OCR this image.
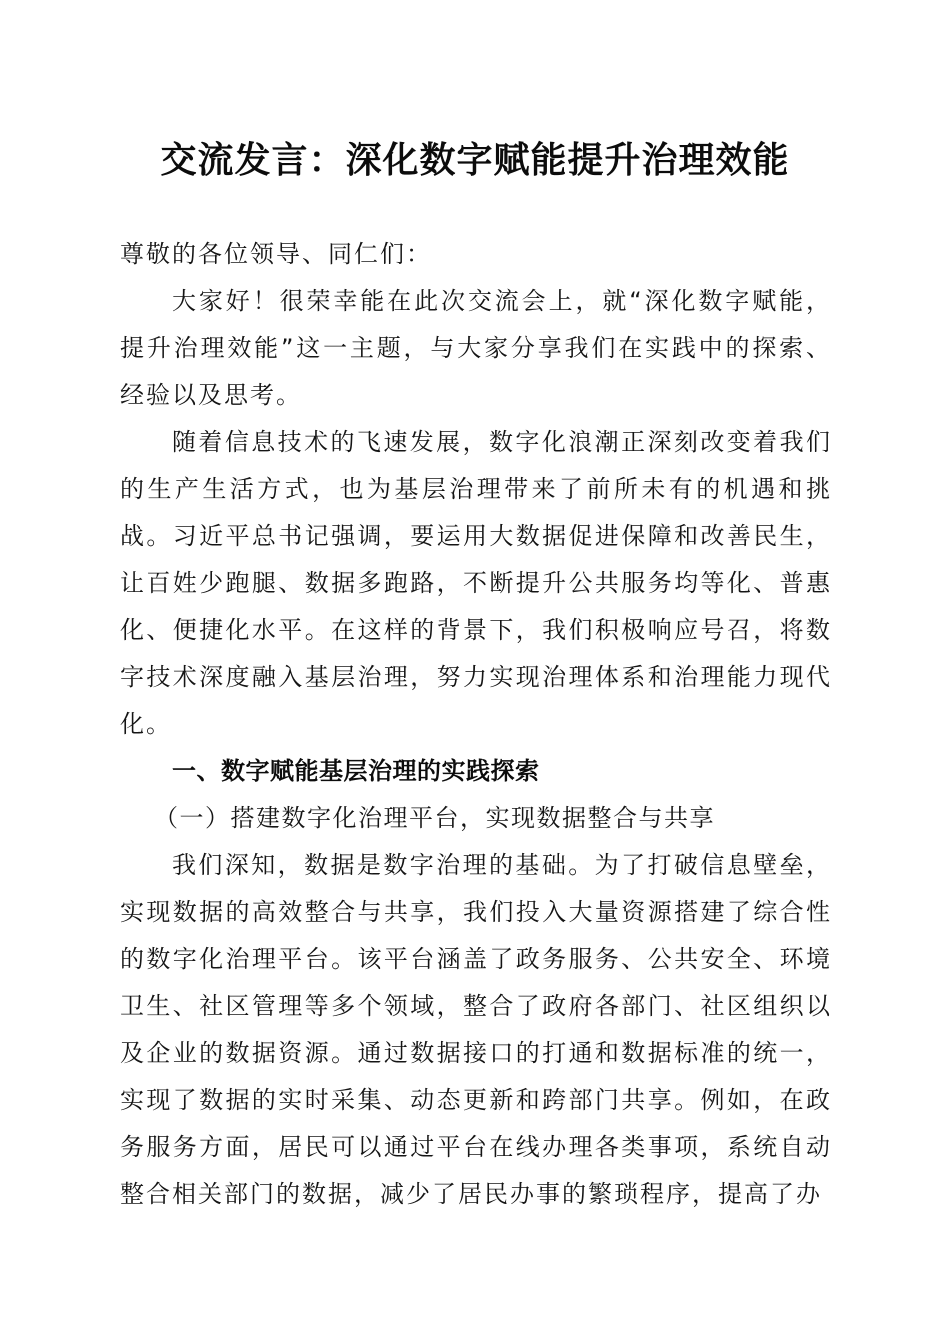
交流发言：深化数字赋能提升治理效能

尊敬的各位领导、同仁们：

大家好！很荣幸能在此次交流会上，就“深化数字赋能，提升治理效能”这一主题，与大家分享我们在实践中的探索、经验以及思考。

随着信息技术的飞速发展，数字化浪潮正深刻改变着我们的生产生活方式，也为基层治理带来了前所未有的机遇和挑战。习近平总书记强调，要运用大数据促进保障和改善民生，让百姓少跑腿、数据多跑路，不断提升公共服务均等化、普惠化、便捷化水平。在这样的背景下，我们积极响应号召，将数字技术深度融入基层治理，努力实现治理体系和治理能力现代化。

一、数字赋能基层治理的实践探索

（一）搭建数字化治理平台，实现数据整合与共享

我们深知，数据是数字治理的基础。为了打破信息壁垒，实现数据的高效整合与共享，我们投入大量资源搭建了综合性的数字化治理平台。该平台涵盖了政务服务、公共安全、环境卫生、社区管理等多个领域，整合了政府各部门、社区组织以及企业的数据资源。通过数据接口的打通和数据标准的统一，实现了数据的实时采集、动态更新和跨部门共享。例如，在政务服务方面，居民可以通过平台在线办理各类事项，系统自动整合相关部门的数据，减少了居民办事的繁琐程序，提高了办
